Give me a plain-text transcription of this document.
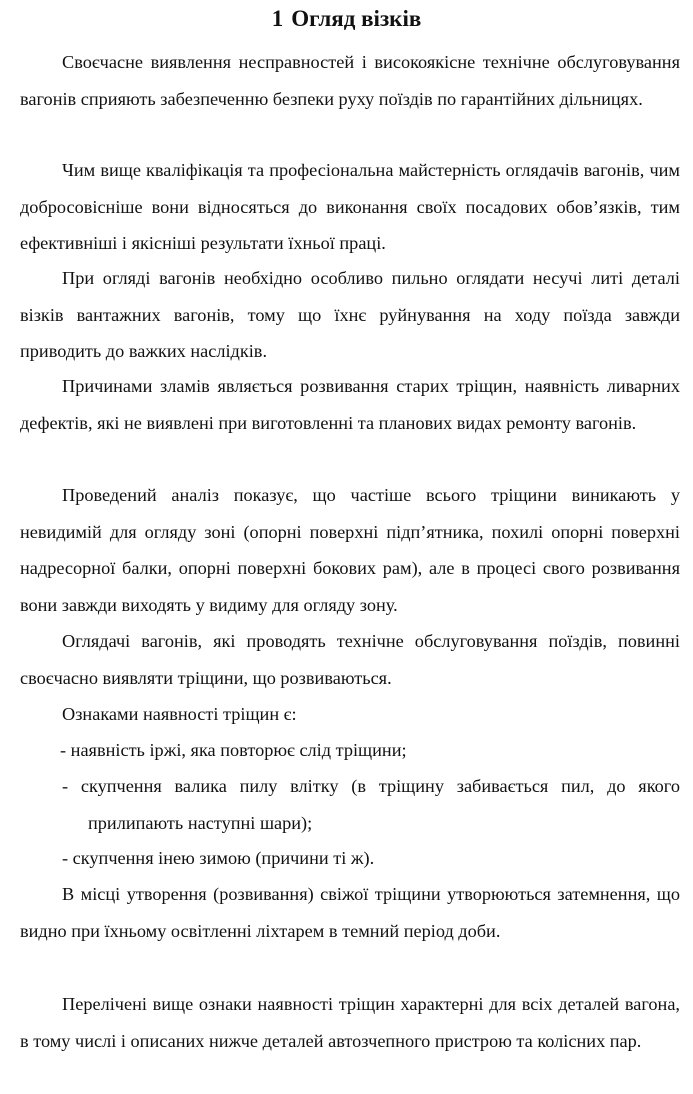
1 Огляд візків

Своєчасне виявлення несправностей і високоякісне технічне обслуговування вагонів сприяють забезпеченню безпеки руху поїздів по гарантійних дільницях.

Чим вище кваліфікація та професіональна майстерність оглядачів вагонів, чим добросовісніше вони відносяться до виконання своїх посадових обов’язків, тим ефективніші і якісніші результати їхньої праці.

При огляді вагонів необхідно особливо пильно оглядати несучі литі деталі візків вантажних вагонів, тому що їхнє руйнування на ходу поїзда завжди приводить до важких наслідків.

Причинами зламів являється розвивання старих тріщин, наявність ливарних дефектів, які не виявлені при виготовленні та планових видах ремонту вагонів.

Проведений аналіз показує, що частіше всього тріщини виникають у невидимій для огляду зоні (опорні поверхні підп’ятника, похилі опорні поверхні надресорної балки, опорні поверхні бокових рам), але в процесі свого розвивання вони завжди виходять у видиму для огляду зону.

Оглядачі вагонів, які проводять технічне обслуговування поїздів, повинні своєчасно виявляти тріщини, що розвиваються.

Ознаками наявності тріщин є:
- наявність іржі, яка повторює слід тріщини;
- скупчення валика пилу влітку (в тріщину забивається пил, до якого прилипають наступні шари);
- скупчення інею зимою (причини ті ж).

В місці утворення (розвивання) свіжої тріщини утворюються затемнення, що видно при їхньому освітленні ліхтарем в темний період доби.

Перелічені вище ознаки наявності тріщин характерні для всіх деталей вагона, в тому числі і описаних нижче деталей автозчепного пристрою та колісних пар.
